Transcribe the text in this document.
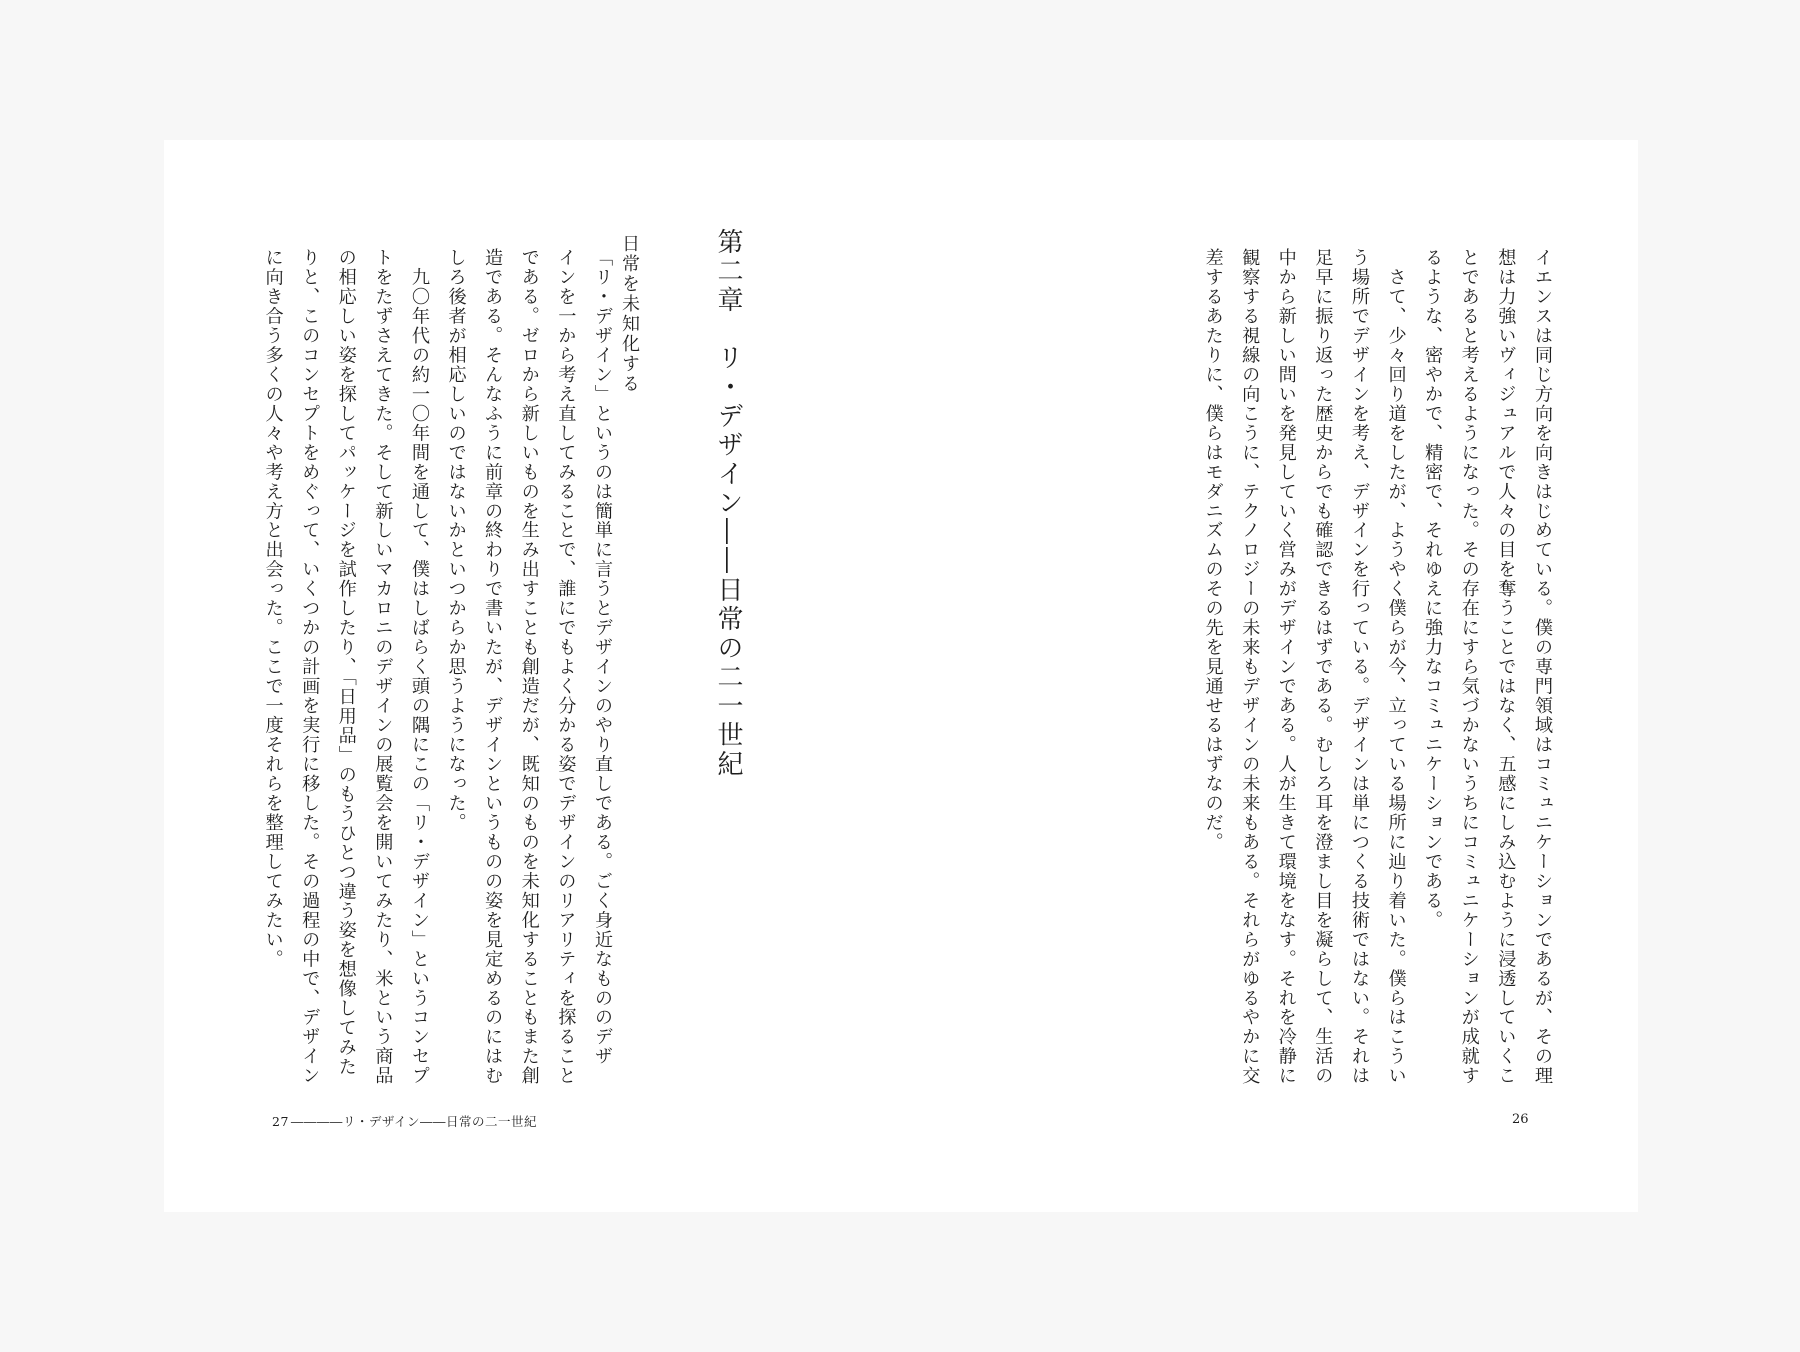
イエンスは同じ方向を向きはじめている。僕の専門領域はコミュニケーションであるが、その理
想は力強いヴィジュアルで人々の目を奪うことではなく、五感にしみ込むように浸透していくこ
とであると考えるようになった。その存在にすら気づかないうちにコミュニケーションが成就す
るような、密やかで、精密で、それゆえに強力なコミュニケーションである。
　さて、少々回り道をしたが、ようやく僕らが今、立っている場所に辿り着いた。僕らはこうい
う場所でデザインを考え、デザインを行っている。デザインは単につくる技術ではない。それは
足早に振り返った歴史からでも確認できるはずである。むしろ耳を澄まし目を凝らして、生活の
中から新しい問いを発見していく営みがデザインである。人が生きて環境をなす。それを冷静に
観察する視線の向こうに、テクノロジーの未来もデザインの未来もある。それらがゆるやかに交
差するあたりに、僕らはモダニズムのその先を見通せるはずなのだ。
第二章　リ・デザイン――日常の二一世紀
日常を未知化する
「リ・デザイン」というのは簡単に言うとデザインのやり直しである。ごく身近なもののデザ
インを一から考え直してみることで、誰にでもよく分かる姿でデザインのリアリティを探ること
である。ゼロから新しいものを生み出すことも創造だが、既知のものを未知化することもまた創
造である。そんなふうに前章の終わりで書いたが、デザインというものの姿を見定めるのにはむ
しろ後者が相応しいのではないかといつからか思うようになった。
　九〇年代の約一〇年間を通して、僕はしばらく頭の隅にこの「リ・デザイン」というコンセプ
トをたずさえてきた。そして新しいマカロニのデザインの展覧会を開いてみたり、米という商品
の相応しい姿を探してパッケージを試作したり、「日用品」のもうひとつ違う姿を想像してみた
りと、このコンセプトをめぐって、いくつかの計画を実行に移した。その過程の中で、デザイン
に向き合う多くの人々や考え方と出会った。ここで一度それらを整理してみたい。
27 ――――リ・デザイン――日常の二一世紀	26
